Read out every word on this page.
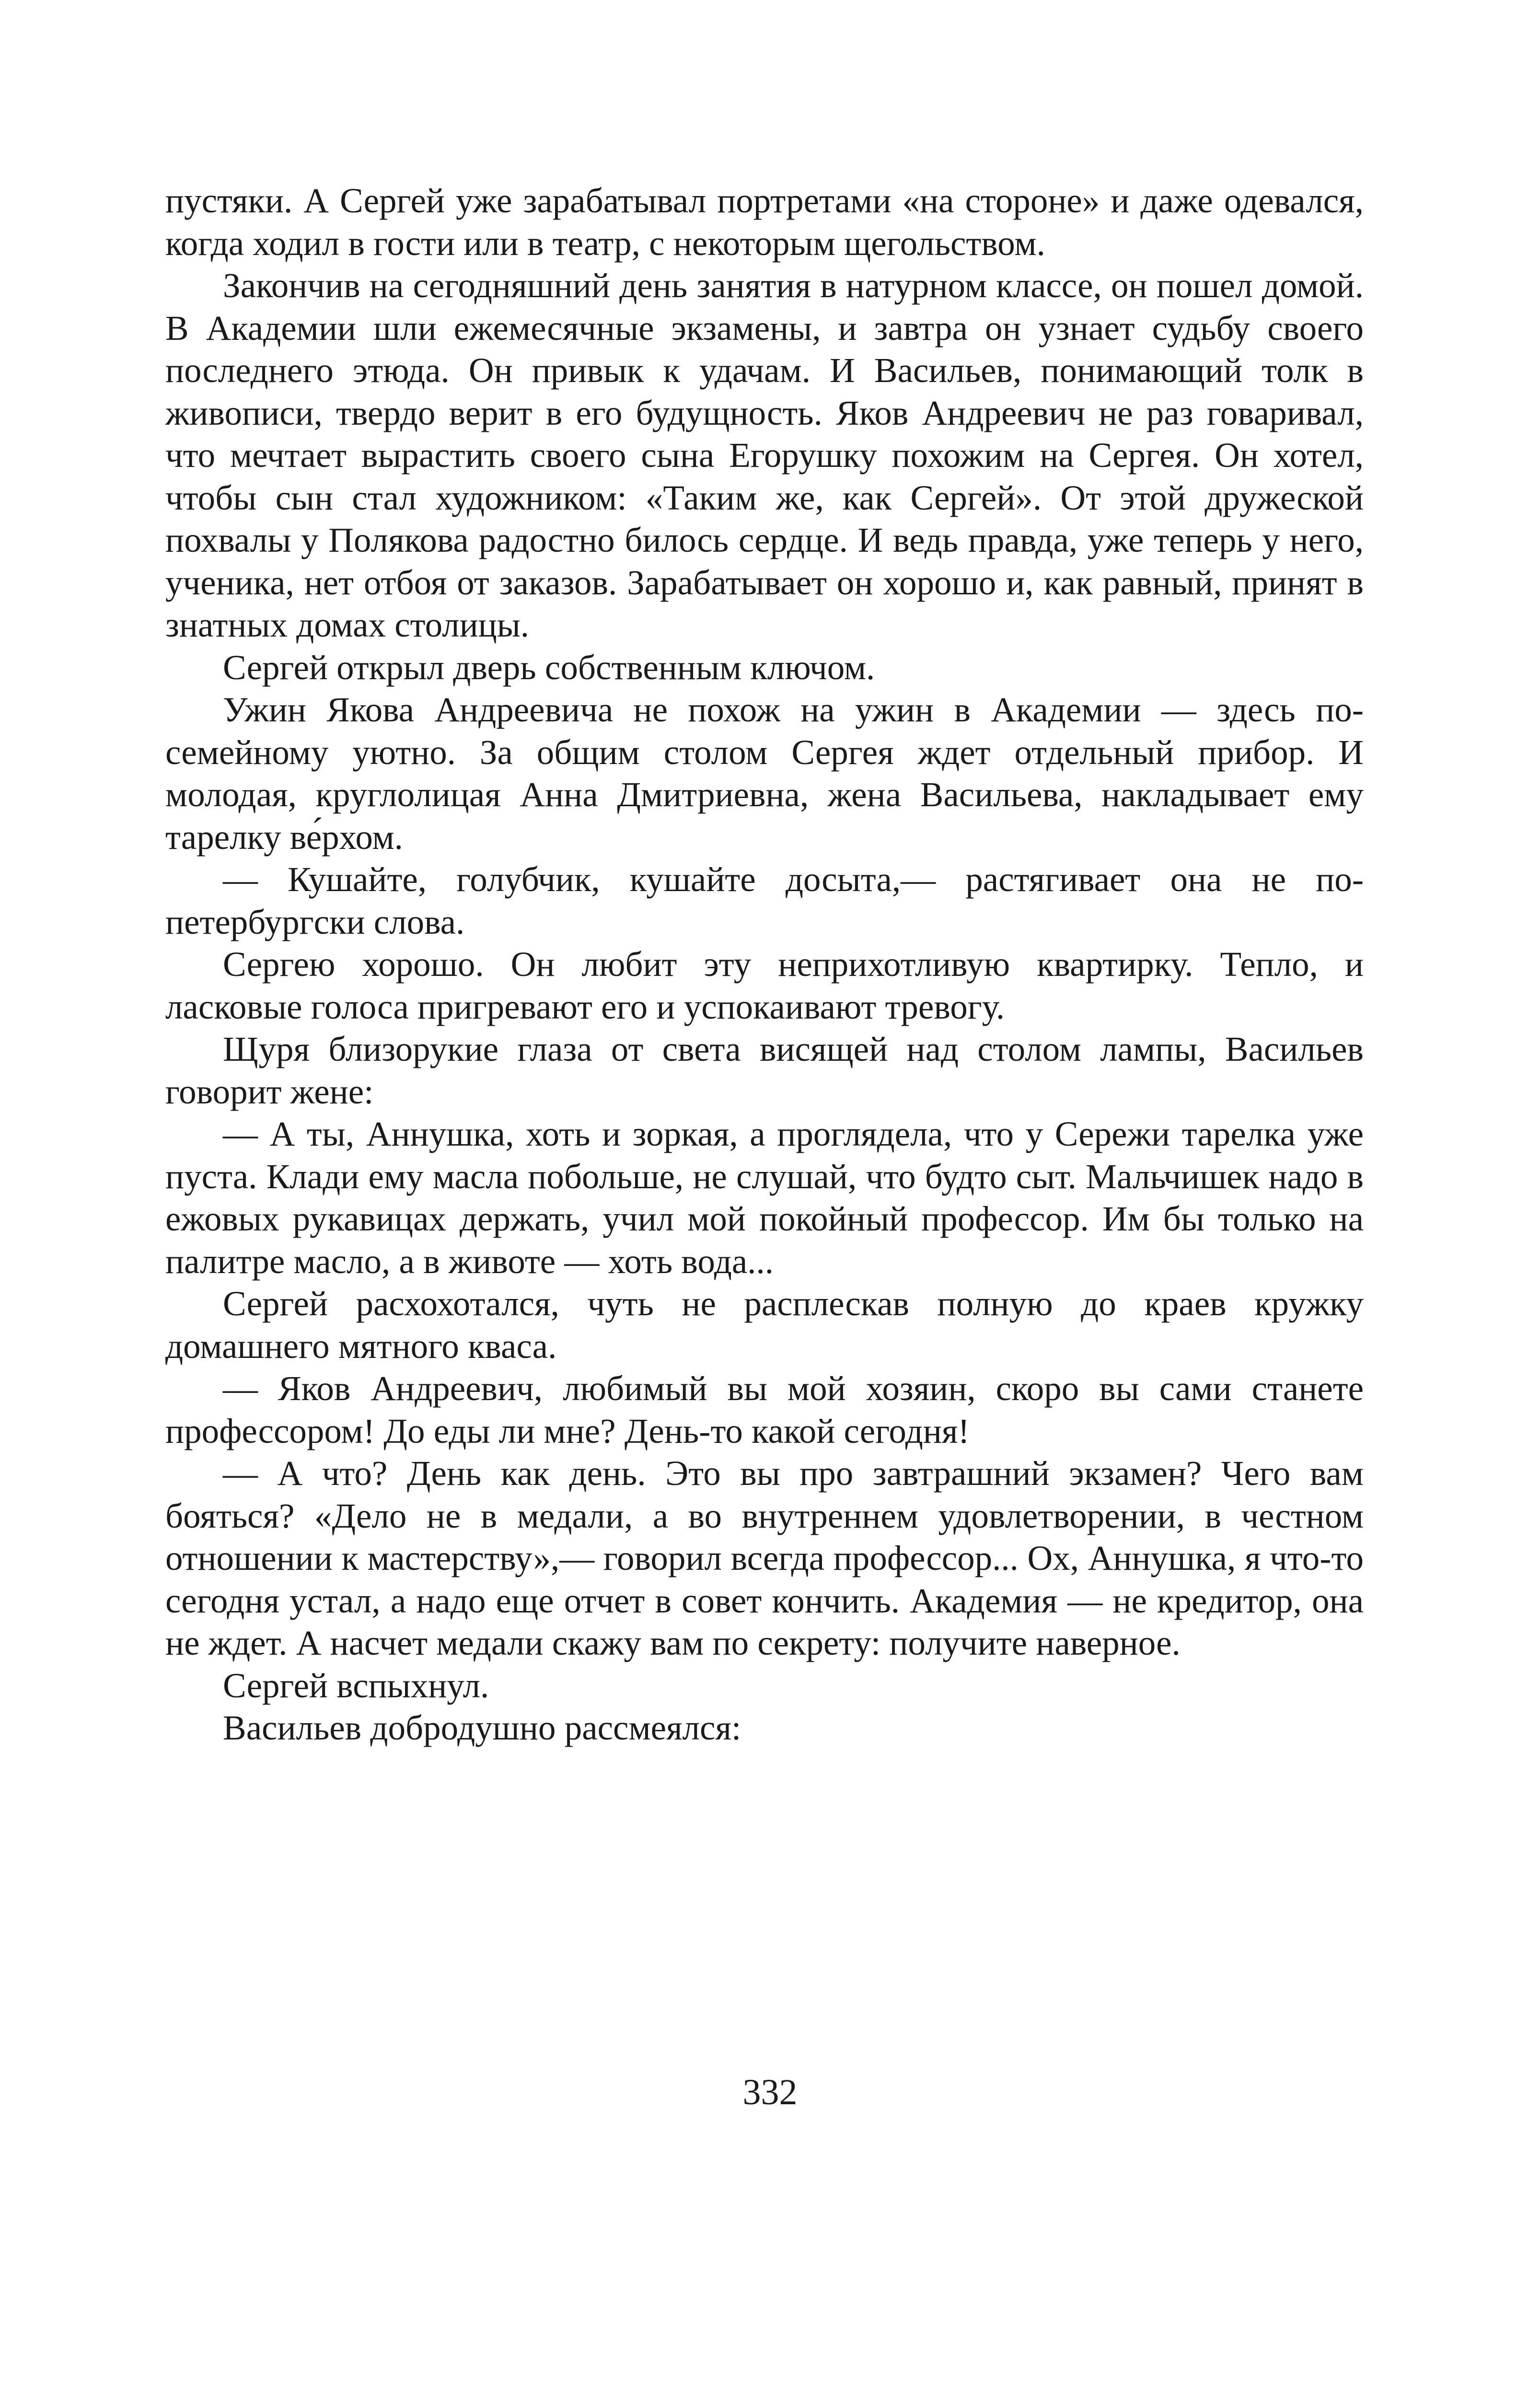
пустяки. А Сергей уже зарабатывал портретами «на стороне» и даже одевался, когда ходил в гости или в театр, с некоторым щегольством.

Закончив на сегодняшний день занятия в натурном классе, он пошел домой. В Академии шли ежемесячные экзамены, и завтра он узнает судьбу своего последнего этюда. Он привык к удачам. И Васильев, понимающий толк в живописи, твердо верит в его будущность. Яков Андреевич не раз говаривал, что мечтает вырастить своего сына Егорушку похожим на Сергея. Он хотел, чтобы сын стал художником: «Таким же, как Сергей». От этой дружеской похвалы у Полякова радостно билось сердце. И ведь правда, уже теперь у него, ученика, нет отбоя от заказов. Зарабатывает он хорошо и, как равный, принят в знатных домах столицы.

Сергей открыл дверь собственным ключом.

Ужин Якова Андреевича не похож на ужин в Академии — здесь по-семейному уютно. За общим столом Сергея ждет отдельный прибор. И молодая, круглолицая Анна Дмитриевна, жена Васильева, накладывает ему тарелку ве́рхом.

— Кушайте, голубчик, кушайте досыта,— растягивает она не по-петербургски слова.

Сергею хорошо. Он любит эту неприхотливую квартирку. Тепло, и ласковые голоса пригревают его и успокаивают тревогу.

Щуря близорукие глаза от света висящей над столом лампы, Васильев говорит жене:

— А ты, Аннушка, хоть и зоркая, а проглядела, что у Сережи тарелка уже пуста. Клади ему масла побольше, не слушай, что будто сыт. Мальчишек надо в ежовых рукавицах держать, учил мой покойный профессор. Им бы только на палитре масло, а в животе — хоть вода...

Сергей расхохотался, чуть не расплескав полную до краев кружку домашнего мятного кваса.

— Яков Андреевич, любимый вы мой хозяин, скоро вы сами станете профессором! До еды ли мне? День-то какой сегодня!

— А что? День как день. Это вы про завтрашний экзамен? Чего вам бояться? «Дело не в медали, а во внутреннем удовлетворении, в честном отношении к мастерству»,— говорил всегда профессор... Ох, Аннушка, я что-то сегодня устал, а надо еще отчет в совет кончить. Академия — не кредитор, она не ждет. А насчет медали скажу вам по секрету: получите наверное.

Сергей вспыхнул.

Васильев добродушно рассмеялся:

332
